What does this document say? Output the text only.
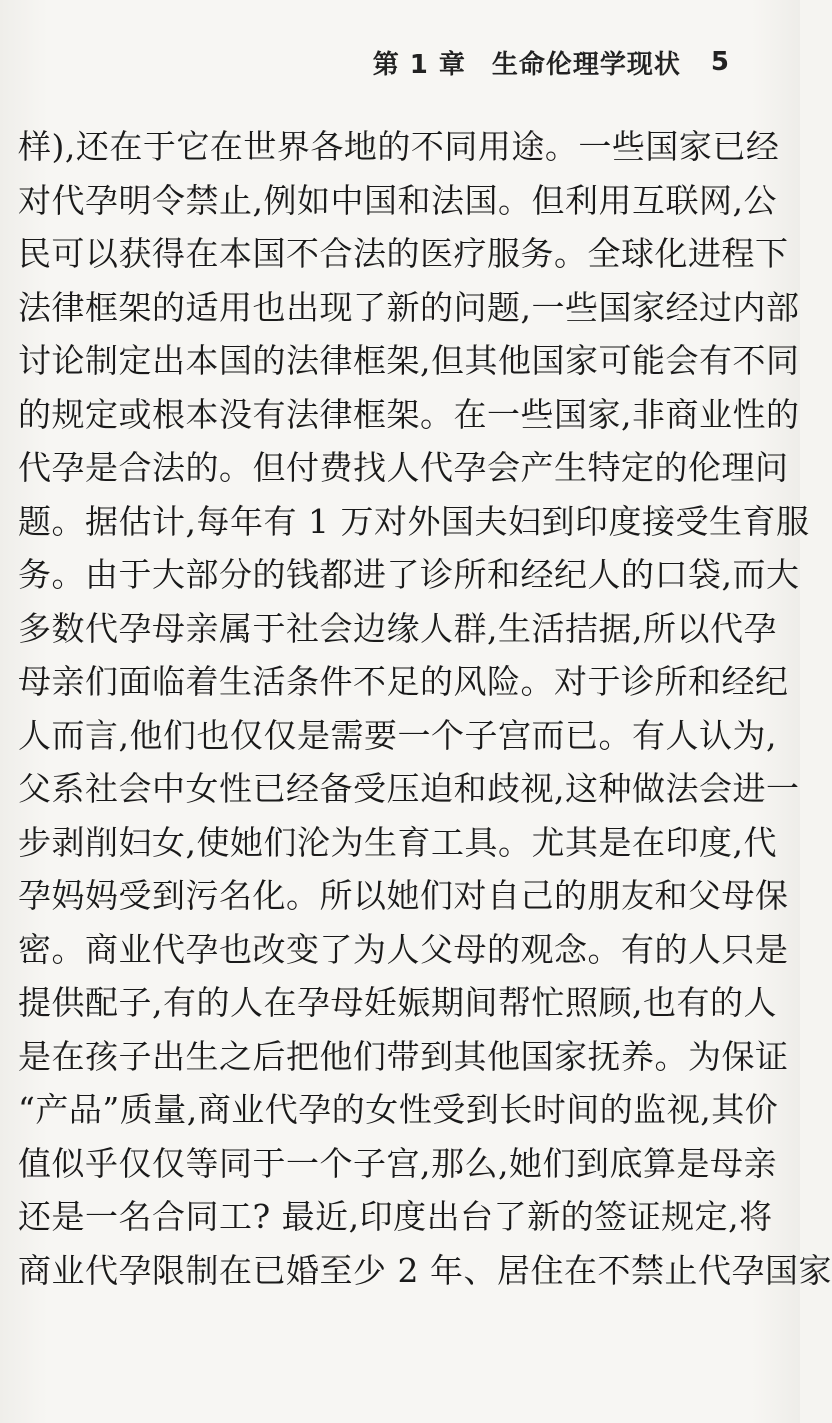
第 1 章 生命伦理学现状 5
样),还在于它在世界各地的不同用途。一些国家已经
对代孕明令禁止,例如中国和法国。但利用互联网,公
民可以获得在本国不合法的医疗服务。全球化进程下
法律框架的适用也出现了新的问题,一些国家经过内部
讨论制定出本国的法律框架,但其他国家可能会有不同
的规定或根本没有法律框架。在一些国家,非商业性的
代孕是合法的。但付费找人代孕会产生特定的伦理问
题。据估计,每年有 1 万对外国夫妇到印度接受生育服
务。由于大部分的钱都进了诊所和经纪人的口袋,而大
多数代孕母亲属于社会边缘人群,生活拮据,所以代孕
母亲们面临着生活条件不足的风险。对于诊所和经纪
人而言,他们也仅仅是需要一个子宫而已。有人认为,
父系社会中女性已经备受压迫和歧视,这种做法会进一
步剥削妇女,使她们沦为生育工具。尤其是在印度,代
孕妈妈受到污名化。所以她们对自己的朋友和父母保
密。商业代孕也改变了为人父母的观念。有的人只是
提供配子,有的人在孕母妊娠期间帮忙照顾,也有的人
是在孩子出生之后把他们带到其他国家抚养。为保证
“产品”质量,商业代孕的女性受到长时间的监视,其价
值似乎仅仅等同于一个子宫,那么,她们到底算是母亲
还是一名合同工? 最近,印度出台了新的签证规定,将
商业代孕限制在已婚至少 2 年、居住在不禁止代孕国家
